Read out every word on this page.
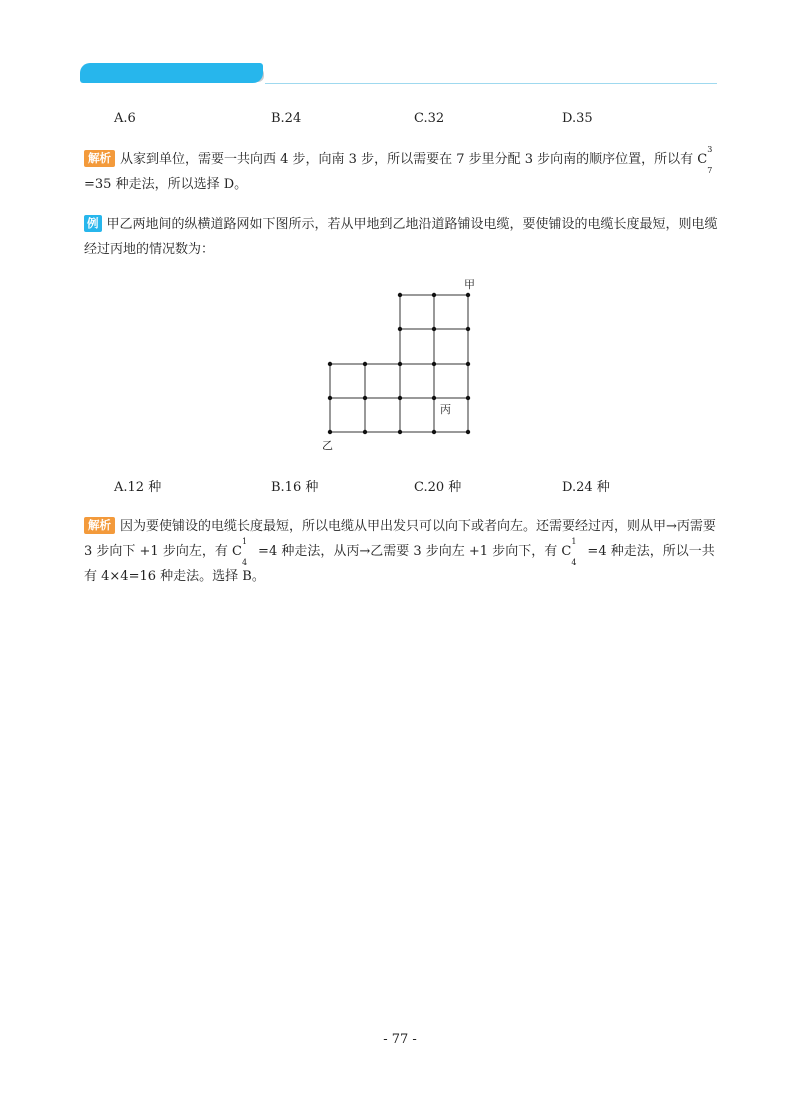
A.6	B.24	C.32	D.35
解析 从家到单位，需要一共向西 4 步，向南 3 步，所以需要在 7 步里分配 3 步向南的顺序位置，所以有 C
3
7
=35 种走法，所以选择 D。
例 甲乙两地间的纵横道路网如下图所示，若从甲地到乙地沿道路铺设电缆，要使铺设的电缆长度最短，则电缆经过丙地的情况数为：
甲
乙
丙
A.12 种	B.16 种	C.20 种	D.24 种
解析 因为要使铺设的电缆长度最短，所以电缆从甲出发只可以向下或者向左。还需要经过丙，则从甲→丙需要 3 步向下 +1 步向左，有 C
1
4
=4 种走法，从丙→乙需要 3 步向左 +1 步向下，有 C
1
4
=4 种走法，所以一共有 4×4=16 种走法。选择 B。
- 77 -
